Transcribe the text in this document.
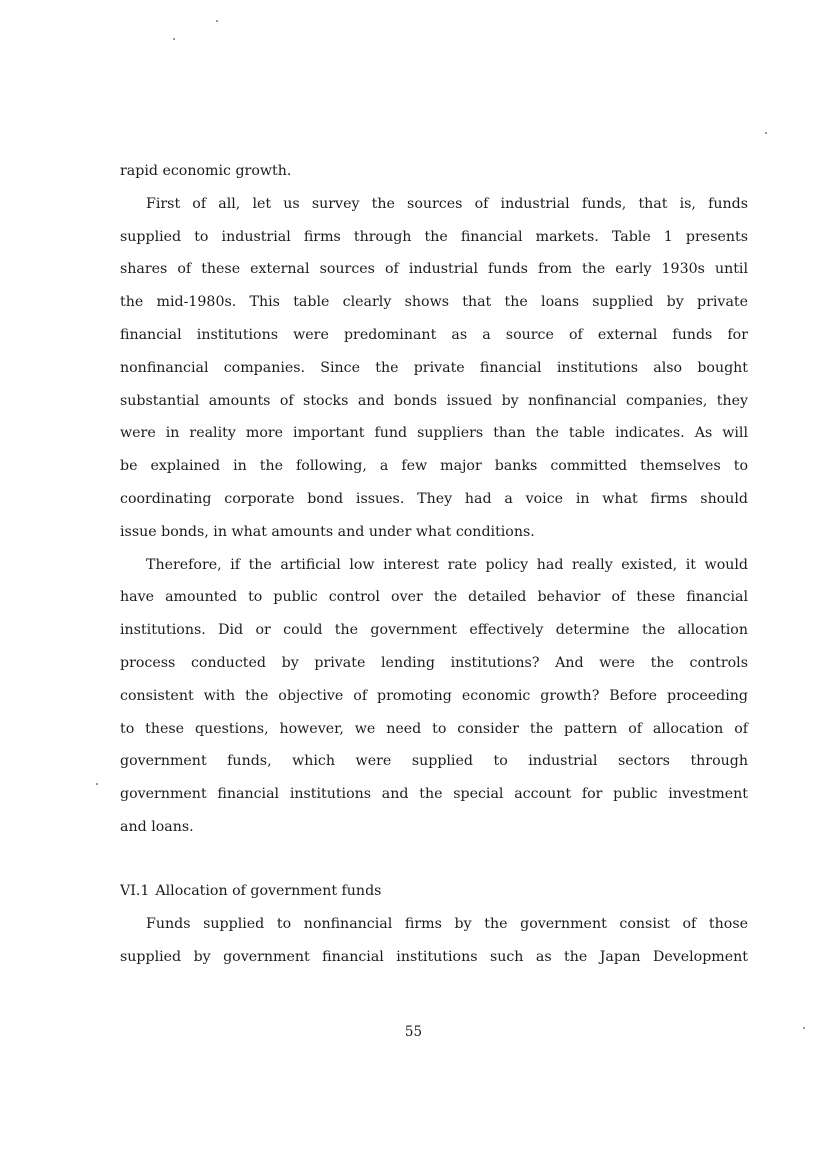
rapid economic growth.
First of all, let us survey the sources of industrial funds, that is, funds
supplied to industrial firms through the financial markets. Table 1 presents
shares of these external sources of industrial funds from the early 1930s until
the mid-1980s. This table clearly shows that the loans supplied by private
financial institutions were predominant as a source of external funds for
nonfinancial companies. Since the private financial institutions also bought
substantial amounts of stocks and bonds issued by nonfinancial companies, they
were in reality more important fund suppliers than the table indicates. As will
be explained in the following, a few major banks committed themselves to
coordinating corporate bond issues. They had a voice in what firms should
issue bonds, in what amounts and under what conditions.
Therefore, if the artificial low interest rate policy had really existed, it would
have amounted to public control over the detailed behavior of these financial
institutions. Did or could the government effectively determine the allocation
process conducted by private lending institutions? And were the controls
consistent with the objective of promoting economic growth? Before proceeding
to these questions, however, we need to consider the pattern of allocation of
government funds, which were supplied to industrial sectors through
government financial institutions and the special account for public investment
and loans.
VI.1 Allocation of government funds
Funds supplied to nonfinancial firms by the government consist of those
supplied by government financial institutions such as the Japan Development
55
